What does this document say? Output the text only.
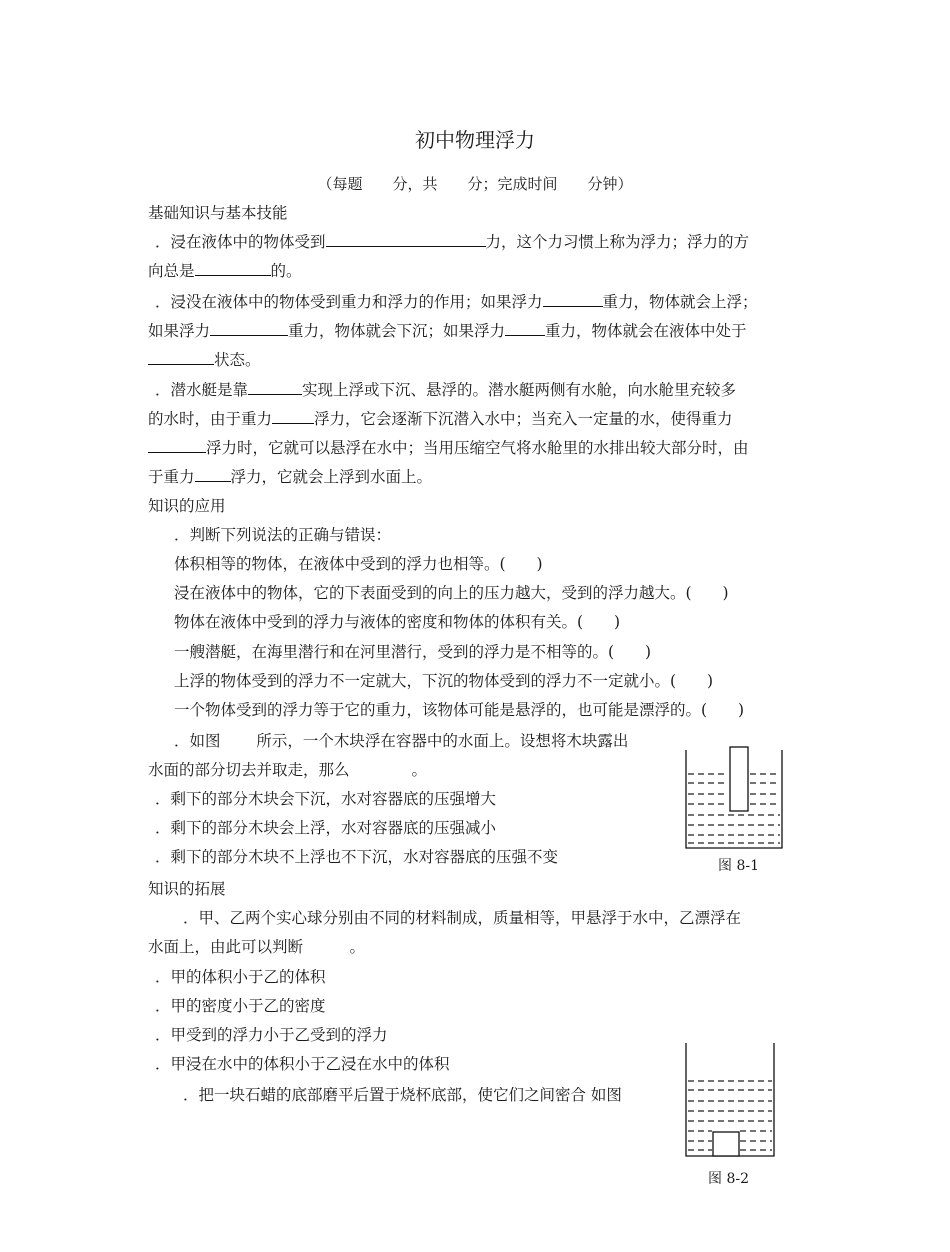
初中物理浮力
（每题　　分，共　　分；完成时间　　分钟）
基础知识与基本技能
．浸在液体中的物体受到	力，这个力习惯上称为浮力；浮力的方
向总是	的。
．浸没在液体中的物体受到重力和浮力的作用；如果浮力	重力，物体就会上浮；
如果浮力	重力，物体就会下沉；如果浮力	重力，物体就会在液体中处于
状态。
．潜水艇是靠	实现上浮或下沉、悬浮的。潜水艇两侧有水舱，向水舱里充较多
的水时，由于重力	浮力，它会逐渐下沉潜入水中；当充入一定量的水，使得重力
浮力时，它就可以悬浮在水中；当用压缩空气将水舱里的水排出较大部分时，由
于重力 浮力，它就会上浮到水面上。
知识的应用
．判断下列说法的正确与错误：
体积相等的物体，在液体中受到的浮力也相等。(　　)
浸在液体中的物体，它的下表面受到的向上的压力越大，受到的浮力越大。(　　)
物体在液体中受到的浮力与液体的密度和物体的体积有关。(　　)
一艘潜艇，在海里潜行和在河里潜行，受到的浮力是不相等的。(　　)
上浮的物体受到的浮力不一定就大，下沉的物体受到的浮力不一定就小。(　　)
一个物体受到的浮力等于它的重力，该物体可能是悬浮的，也可能是漂浮的。(　　)
．如图　　 所示，一个木块浮在容器中的水面上。设想将木块露出
水面的部分切去并取走，那么　　　　。
．剩下的部分木块会下沉，水对容器底的压强增大
．剩下的部分木块会上浮，水对容器底的压强减小
．剩下的部分木块不上浮也不下沉，水对容器底的压强不变	图 8-1
知识的拓展
．甲、乙两个实心球分别由不同的材料制成，质量相等，甲悬浮于水中，乙漂浮在
水面上，由此可以判断　　　。
．甲的体积小于乙的体积
．甲的密度小于乙的密度
．甲受到的浮力小于乙受到的浮力
．甲浸在水中的体积小于乙浸在水中的体积
．把一块石蜡的底部磨平后置于烧杯底部，使它们之间密合 如图
图 8-2
